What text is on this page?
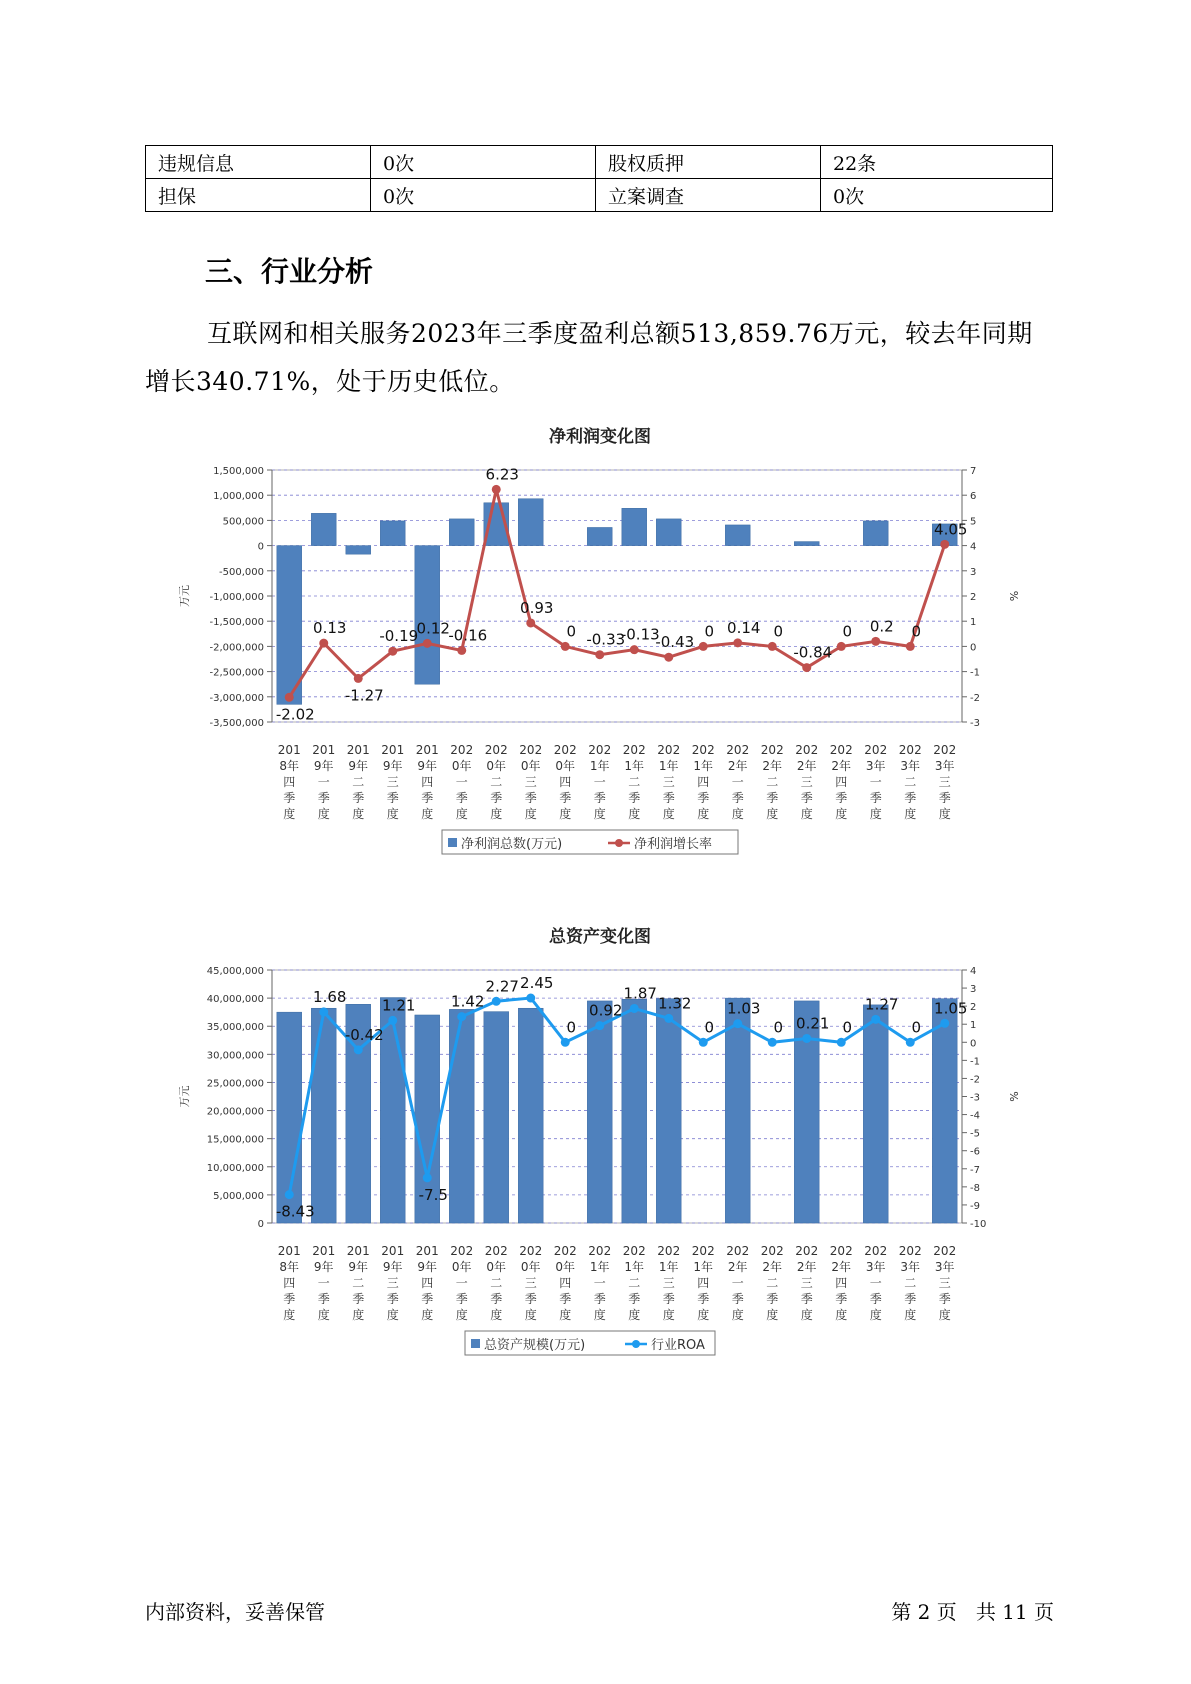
违规信息	0次	股权质押	22条
担保	0次	立案调查	0次
三、行业分析

互联网和相关服务2023年三季度盈利总额513,859.76万元，较去年同期增长340.71%，处于历史低位。

净利润变化图
1,500,000
1,000,000
500,000
0
-500,000
-1,000,000
-1,500,000
-2,000,000
-2,500,000
-3,000,000
-3,500,000
7
6
5
4
3
2
1
0
-1
-2
-3
万元	%
-2.02
0.13
-1.27
-0.19
0.12
-0.16
6.23
0.93
0 -0.33
-0.13
-0.43
0 0.14 0
-0.84
0 0.2 0
4.05
201 8年四季度
201 9年一季度
201 9年二季度
201 9年三季度
201 9年四季度
202 0年一季度
202 0年二季度
202 0年三季度
202 0年四季度
202 1年一季度
202 1年二季度
202 1年三季度
202 1年四季度
202 2年一季度
202 2年二季度
202 2年三季度
202 2年四季度
202 3年一季度
202 3年二季度
202 3年三季度
净利润总数(万元)	净利润增长率
总资产变化图
45,000,000
40,000,000
35,000,000
30,000,000
25,000,000
20,000,000
15,000,000
10,000,000
5,000,000
0
4
3
2
1
0
-1
-2
-3
-4
-5
-6
-7
-8
-9
-10
万元	%
-8.43
1.68
-0.42
1.21
-7.5
1.42
2.27 2.45
0
0.92
1.87
1.32
0
1.03
0 0.21 0
1.27
0
1.05
201 8年四季度
201 9年一季度
201 9年二季度
201 9年三季度
201 9年四季度
202 0年一季度
202 0年二季度
202 0年三季度
202 0年四季度
202 1年一季度
202 1年二季度
202 1年三季度
202 1年四季度
202 2年一季度
202 2年二季度
202 2年三季度
202 2年四季度
202 3年一季度
202 3年二季度
202 3年三季度
总资产规模(万元)	行业ROA
内部资料，妥善保管	第 2 页   共 11 页
